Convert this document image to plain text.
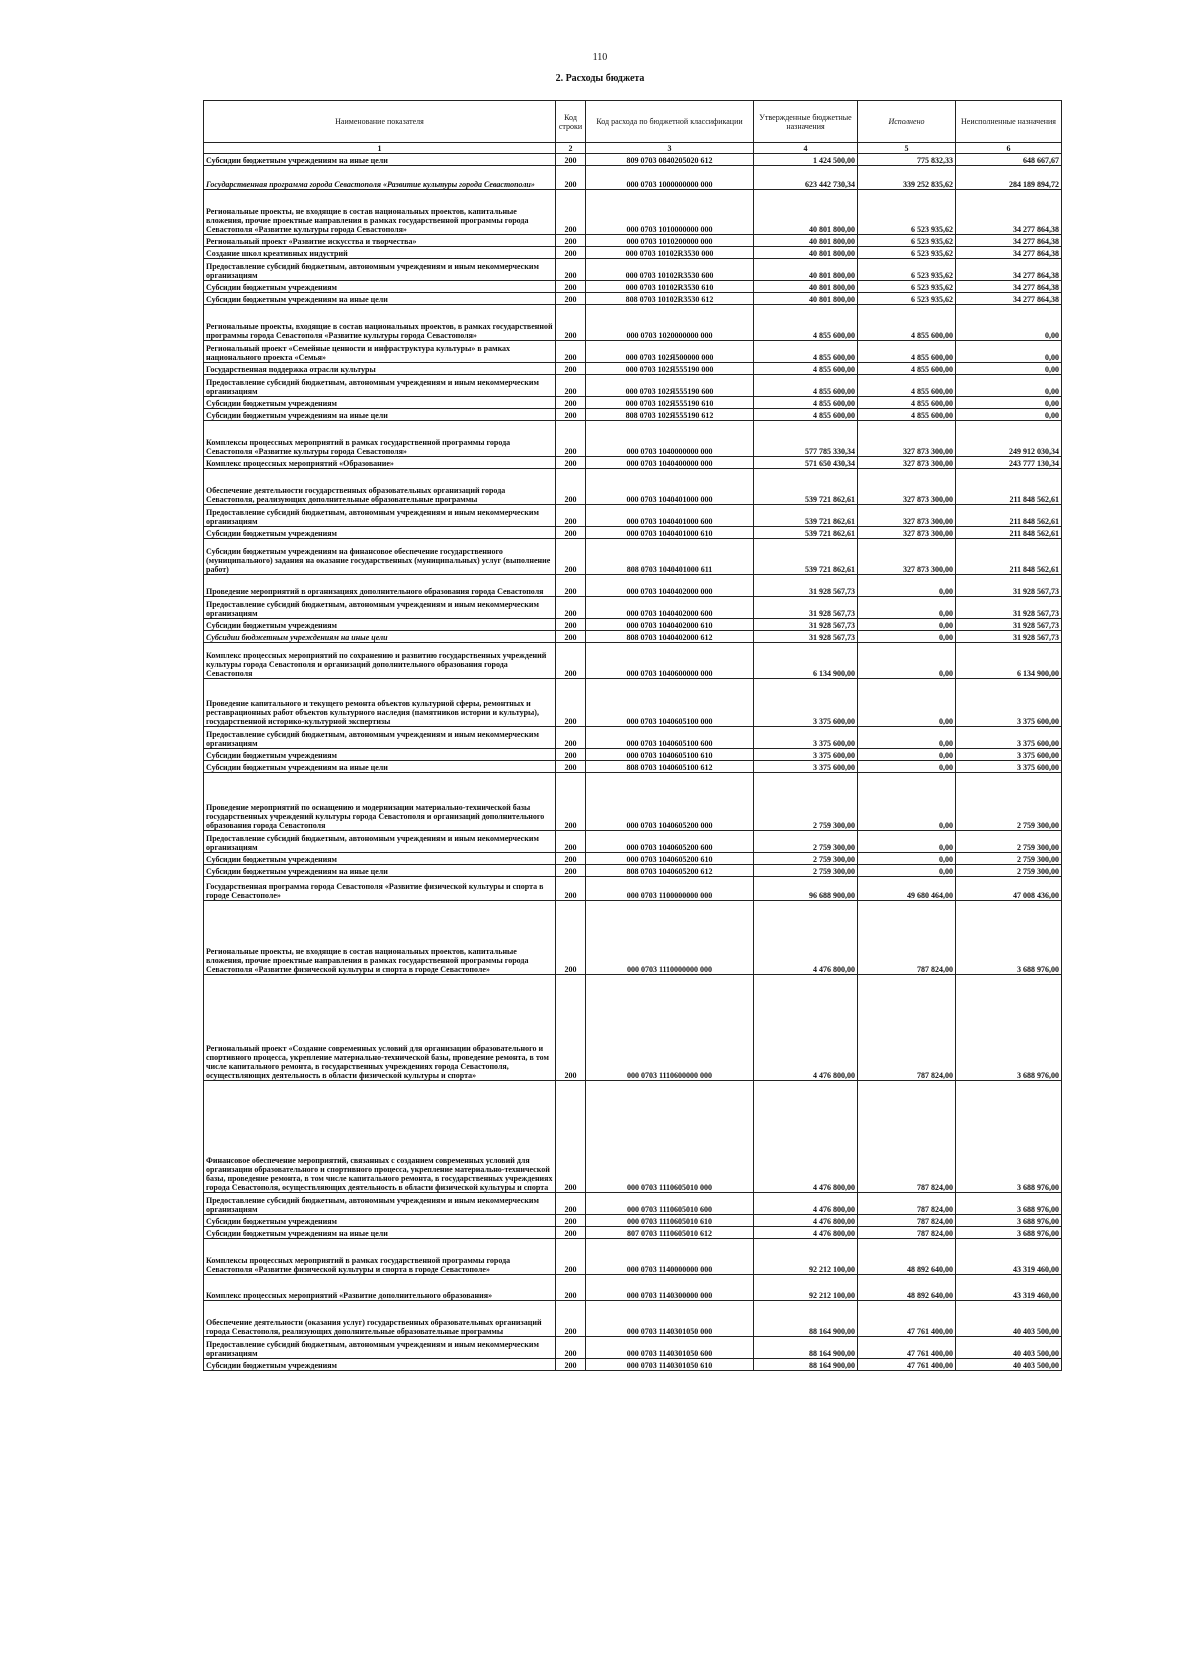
110
2. Расходы бюджета
Наименование показателя	Код строки	Код расхода по бюджетной классификации	Утвержденные бюджетные назначения	Исполнено	Неисполненные назначения
1	2	3	4	5	6
Субсидии бюджетным учреждениям на иные цели	200	809 0703 0840205020 612	1 424 500,00	775 832,33	648 667,67
Государственная программа города Севастополя «Развитие культуры города Севастополи»	200	000 0703 1000000000 000	623 442 730,34	339 252 835,62	284 189 894,72
Региональные проекты, не входящие в состав национальных проектов, капитальные вложения, прочие проектные направления в рамках государственной программы города Севастополя «Развитие культуры города Севастополя»	200	000 0703 1010000000 000	40 801 800,00	6 523 935,62	34 277 864,38
Региональный проект «Развитие искусства и творчества»	200	000 0703 1010200000 000	40 801 800,00	6 523 935,62	34 277 864,38
Создание школ креативных индустрий	200	000 0703 10102R3530 000	40 801 800,00	6 523 935,62	34 277 864,38
Предоставление субсидий бюджетным, автономным учреждениям и иным некоммерческим организациям	200	000 0703 10102R3530 600	40 801 800,00	6 523 935,62	34 277 864,38
Субсидии бюджетным учреждениям	200	000 0703 10102R3530 610	40 801 800,00	6 523 935,62	34 277 864,38
Субсидии бюджетным учреждениям на иные цели	200	808 0703 10102R3530 612	40 801 800,00	6 523 935,62	34 277 864,38
Региональные проекты, входящие в состав национальных проектов, в рамках государственной программы города Севастополя «Развитие культуры города Севастополя»	200	000 0703 1020000000 000	4 855 600,00	4 855 600,00	0,00
Региональный проект «Семейные ценности и инфраструктура культуры» в рамках национального проекта «Семья»	200	000 0703 102Я500000 000	4 855 600,00	4 855 600,00	0,00
Государственная поддержка отрасли культуры	200	000 0703 102Я555190 000	4 855 600,00	4 855 600,00	0,00
Предоставление субсидий бюджетным, автономным учреждениям и иным некоммерческим организациям	200	000 0703 102Я555190 600	4 855 600,00	4 855 600,00	0,00
Субсидии бюджетным учреждениям	200	000 0703 102Я555190 610	4 855 600,00	4 855 600,00	0,00
Субсидии бюджетным учреждениям на иные цели	200	808 0703 102Я555190 612	4 855 600,00	4 855 600,00	0,00
Комплексы процессных мероприятий в рамках государственной программы города Севастополя «Развитие культуры города Севастополя»	200	000 0703 1040000000 000	577 785 330,34	327 873 300,00	249 912 030,34
Комплекс процессных мероприятий «Образование»	200	000 0703 1040400000 000	571 650 430,34	327 873 300,00	243 777 130,34
Обеспечение деятельности государственных образовательных организаций города Севастополя, реализующих дополнительные образовательные программы	200	000 0703 1040401000 000	539 721 862,61	327 873 300,00	211 848 562,61
Предоставление субсидий бюджетным, автономным учреждениям и иным некоммерческим организациям	200	000 0703 1040401000 600	539 721 862,61	327 873 300,00	211 848 562,61
Субсидии бюджетным учреждениям	200	000 0703 1040401000 610	539 721 862,61	327 873 300,00	211 848 562,61
Субсидии бюджетным учреждениям на финансовое обеспечение государственного (муниципального) задания на оказание государственных (муниципальных) услуг (выполнение работ)	200	808 0703 1040401000 611	539 721 862,61	327 873 300,00	211 848 562,61
Проведение мероприятий в организациях дополнительного образования города Севастополя	200	000 0703 1040402000 000	31 928 567,73	0,00	31 928 567,73
Предоставление субсидий бюджетным, автономным учреждениям и иным некоммерческим организациям	200	000 0703 1040402000 600	31 928 567,73	0,00	31 928 567,73
Субсидии бюджетным учреждениям	200	000 0703 1040402000 610	31 928 567,73	0,00	31 928 567,73
Субсидии бюджетным учреждениям на иные цели	200	808 0703 1040402000 612	31 928 567,73	0,00	31 928 567,73
Комплекс процессных мероприятий по сохранению и развитию государственных учреждений культуры города Севастополя и организаций дополнительного образования города Севастополя	200	000 0703 1040600000 000	6 134 900,00	0,00	6 134 900,00
Проведение капитального и текущего ремонта объектов культурной сферы, ремонтных и реставрационных работ объектов культурного наследия (памятников истории и культуры), государственной историко-культурной экспертизы	200	000 0703 1040605100 000	3 375 600,00	0,00	3 375 600,00
Предоставление субсидий бюджетным, автономным учреждениям и иным некоммерческим организациям	200	000 0703 1040605100 600	3 375 600,00	0,00	3 375 600,00
Субсидии бюджетным учреждениям	200	000 0703 1040605100 610	3 375 600,00	0,00	3 375 600,00
Субсидии бюджетным учреждениям на иные цели	200	808 0703 1040605100 612	3 375 600,00	0,00	3 375 600,00
Проведение мероприятий по оснащению и модернизации материально-технической базы государственных учреждений культуры города Севастополя и организаций дополнительного образования города Севастополя	200	000 0703 1040605200 000	2 759 300,00	0,00	2 759 300,00
Предоставление субсидий бюджетным, автономным учреждениям и иным некоммерческим организациям	200	000 0703 1040605200 600	2 759 300,00	0,00	2 759 300,00
Субсидии бюджетным учреждениям	200	000 0703 1040605200 610	2 759 300,00	0,00	2 759 300,00
Субсидии бюджетным учреждениям на иные цели	200	808 0703 1040605200 612	2 759 300,00	0,00	2 759 300,00
Государственная программа города Севастополя «Развитие физической культуры и спорта в городе Севастополе»	200	000 0703 1100000000 000	96 688 900,00	49 680 464,00	47 008 436,00
Региональные проекты, не входящие в состав национальных проектов, капитальные вложения, прочие проектные направления в рамках государственной программы города Севастополя «Развитие физической культуры и спорта в городе Севастополе»	200	000 0703 1110000000 000	4 476 800,00	787 824,00	3 688 976,00
Региональный проект «Создание современных условий для организации образовательного и спортивного процесса, укрепление материально-технической базы, проведение ремонта, в том числе капитального ремонта, в государственных учреждениях города Севастополя, осуществляющих деятельность в области физической культуры и спорта»	200	000 0703 1110600000 000	4 476 800,00	787 824,00	3 688 976,00
Финансовое обеспечение мероприятий, связанных с созданием современных условий для организации образовательного и спортивного процесса, укрепление материально-технической базы, проведение ремонта, в том числе капитального ремонта, в государственных учреждениях города Севастополя, осуществляющих деятельность в области физической культуры и спорта	200	000 0703 1110605010 000	4 476 800,00	787 824,00	3 688 976,00
Предоставление субсидий бюджетным, автономным учреждениям и иным некоммерческим организациям	200	000 0703 1110605010 600	4 476 800,00	787 824,00	3 688 976,00
Субсидии бюджетным учреждениям	200	000 0703 1110605010 610	4 476 800,00	787 824,00	3 688 976,00
Субсидии бюджетным учреждениям на иные цели	200	807 0703 1110605010 612	4 476 800,00	787 824,00	3 688 976,00
Комплексы процессных мероприятий в рамках государственной программы города Севастополя «Развитие физической культуры и спорта в городе Севастополе»	200	000 0703 1140000000 000	92 212 100,00	48 892 640,00	43 319 460,00
Комплекс процессных мероприятий «Развитие дополнительного образования»	200	000 0703 1140300000 000	92 212 100,00	48 892 640,00	43 319 460,00
Обеспечение деятельности (оказания услуг) государственных образовательных организаций города Севастополя, реализующих дополнительные образовательные программы	200	000 0703 1140301050 000	88 164 900,00	47 761 400,00	40 403 500,00
Предоставление субсидий бюджетным, автономным учреждениям и иным некоммерческим организациям	200	000 0703 1140301050 600	88 164 900,00	47 761 400,00	40 403 500,00
Субсидии бюджетным учреждениям	200	000 0703 1140301050 610	88 164 900,00	47 761 400,00	40 403 500,00
